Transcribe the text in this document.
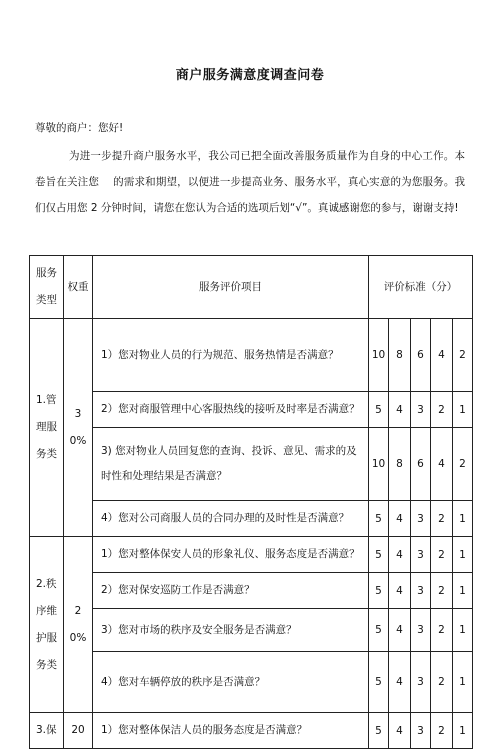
商户服务满意度调查问卷
尊敬的商户：您好!
为进一步提升商户服务水平，我公司已把全面改善服务质量作为自身的中心工作。本卷旨在关注您　 的需求和期望，以便进一步提高业务、服务水平，真心实意的为您服务。我们仅占用您 2 分钟时间，请您在您认为合适的选项后划“√”。真诚感谢您的参与，谢谢支持!
服务类型	权重	服务评价项目	评价标准（分）				
1.管理服务类	30%	1）您对物业人员的行为规范、服务热情是否满意？	10	8	6	4	2
		2）您对商服管理中心客服热线的接听及时率是否满意？	5	4	3	2	1
		3) 您对物业人员回复您的查询、投诉、意见、需求的及时性和处理结果是否满意？	10	8	6	4	2
		4）您对公司商服人员的合同办理的及时性是否满意？	5	4	3	2	1
2.秩序维护服务类	20%	1）您对整体保安人员的形象礼仪、服务态度是否满意？	5	4	3	2	1
		2）您对保安巡防工作是否满意？	5	4	3	2	1
		3）您对市场的秩序及安全服务是否满意？	5	4	3	2	1
		4）您对车辆停放的秩序是否满意？	5	4	3	2	1
3.保	20	1）您对整体保洁人员的服务态度是否满意？	5	4	3	2	1
